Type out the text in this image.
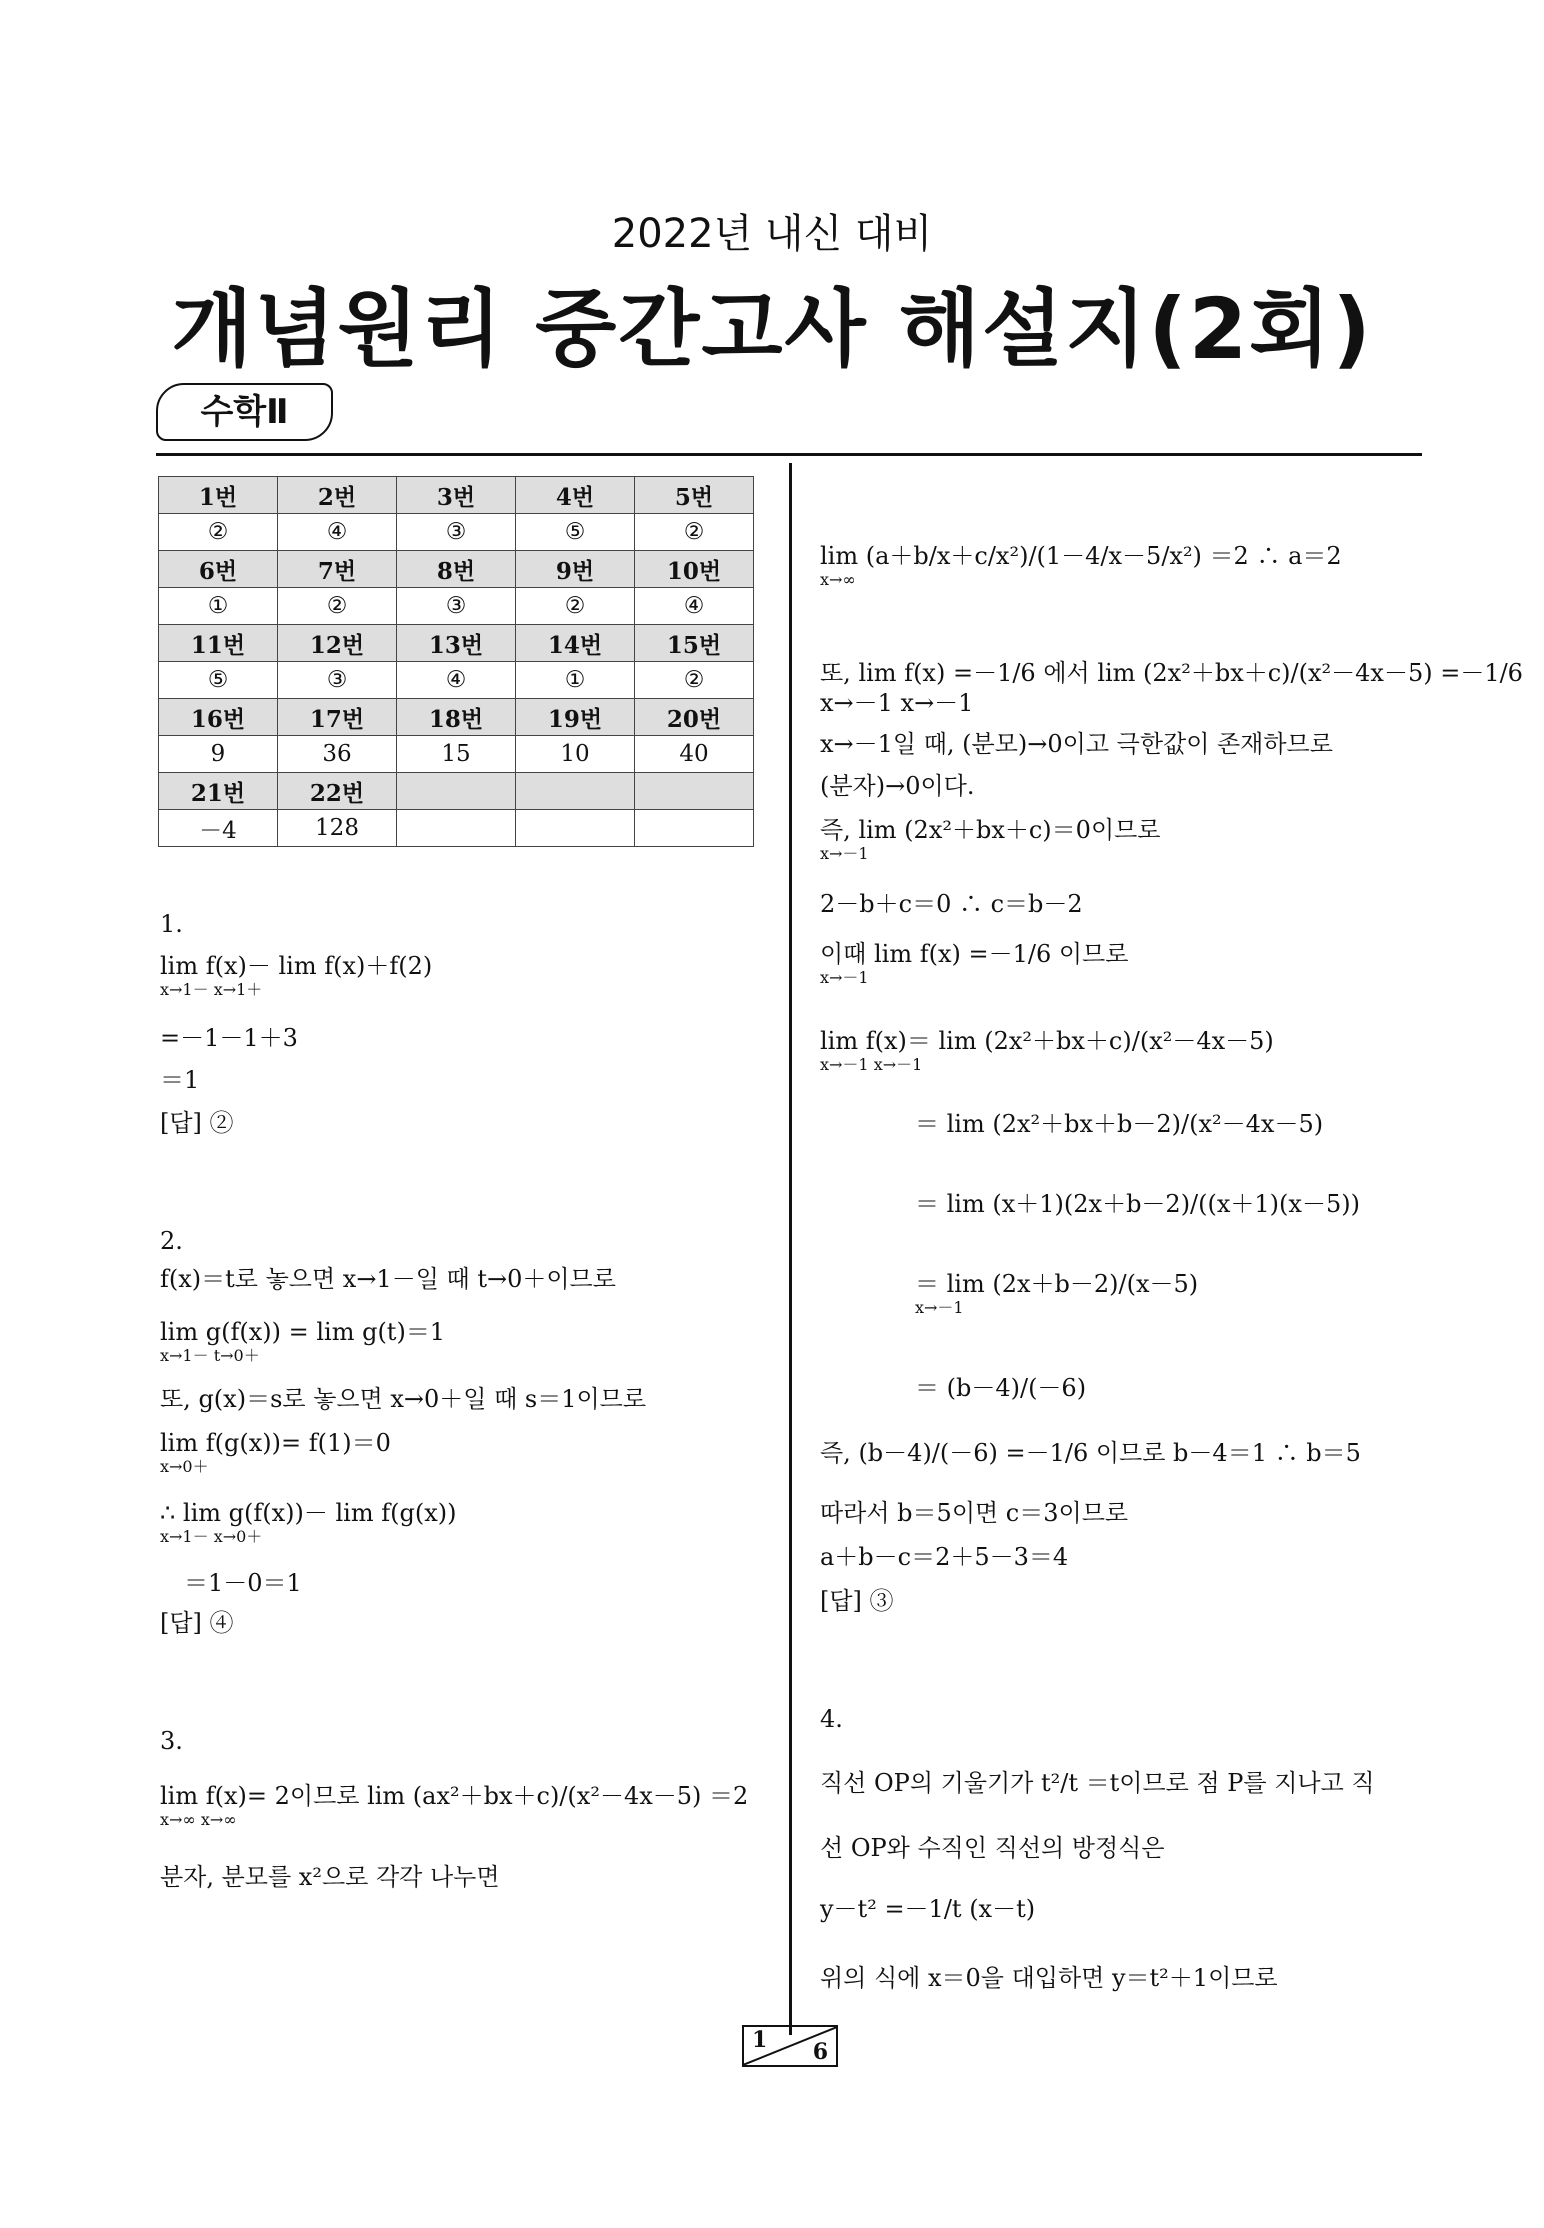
2022년 내신 대비
개념원리 중간고사 해설지(2회)
수학Ⅱ
1번	2번	3번	4번	5번
②	④	③	⑤	②
6번	7번	8번	9번	10번
①	②	③	②	④
11번	12번	13번	14번	15번
⑤	③	④	①	②
16번	17번	18번	19번	20번
9	36	15	10	40
21번	22번			
－4	128			
1.
lim f(x)－ lim f(x)＋f(2)
x→1－ x→1＋
=－1－1＋3
＝1
[답] ②
2.
f(x)＝t로 놓으면 x→1－일 때 t→0＋이므로
lim g(f(x)) = lim g(t)＝1
x→1－ t→0＋
또, g(x)＝s로 놓으면 x→0＋일 때 s＝1이므로
lim f(g(x))= f(1)＝0
x→0＋
∴ lim g(f(x))－ lim f(g(x))
x→1－ x→0＋
＝1－0＝1
[답] ④
3.
lim f(x)= 2이므로 lim (ax²＋bx＋c)/(x²－4x－5) ＝2
x→∞ x→∞
분자, 분모를 x²으로 각각 나누면
lim (a＋b/x＋c/x²)/(1－4/x－5/x²) ＝2 ∴ a＝2
x→∞
또, lim f(x) =－1/6 에서 lim (2x²＋bx＋c)/(x²－4x－5) =－1/6
x→－1 x→－1
x→－1일 때, (분모)→0이고 극한값이 존재하므로
(분자)→0이다.
즉, lim (2x²＋bx＋c)＝0이므로
x→－1
2－b＋c＝0 ∴ c＝b－2
이때 lim f(x) =－1/6 이므로
x→－1
lim f(x)＝ lim (2x²＋bx＋c)/(x²－4x－5)
x→－1 x→－1
＝ lim (2x²＋bx＋b－2)/(x²－4x－5)
＝ lim (x＋1)(2x＋b－2)/((x＋1)(x－5))
＝ lim (2x＋b－2)/(x－5)
x→－1
＝ (b－4)/(－6)
즉, (b－4)/(－6) =－1/6 이므로 b－4＝1 ∴ b＝5
따라서 b＝5이면 c＝3이므로
a＋b－c＝2＋5－3＝4
[답] ③
4.
직선 OP의 기울기가 t²/t ＝t이므로 점 P를 지나고 직
선 OP와 수직인 직선의 방정식은
y－t² =－1/t (x－t)
위의 식에 x＝0을 대입하면 y＝t²＋1이므로
1 6
